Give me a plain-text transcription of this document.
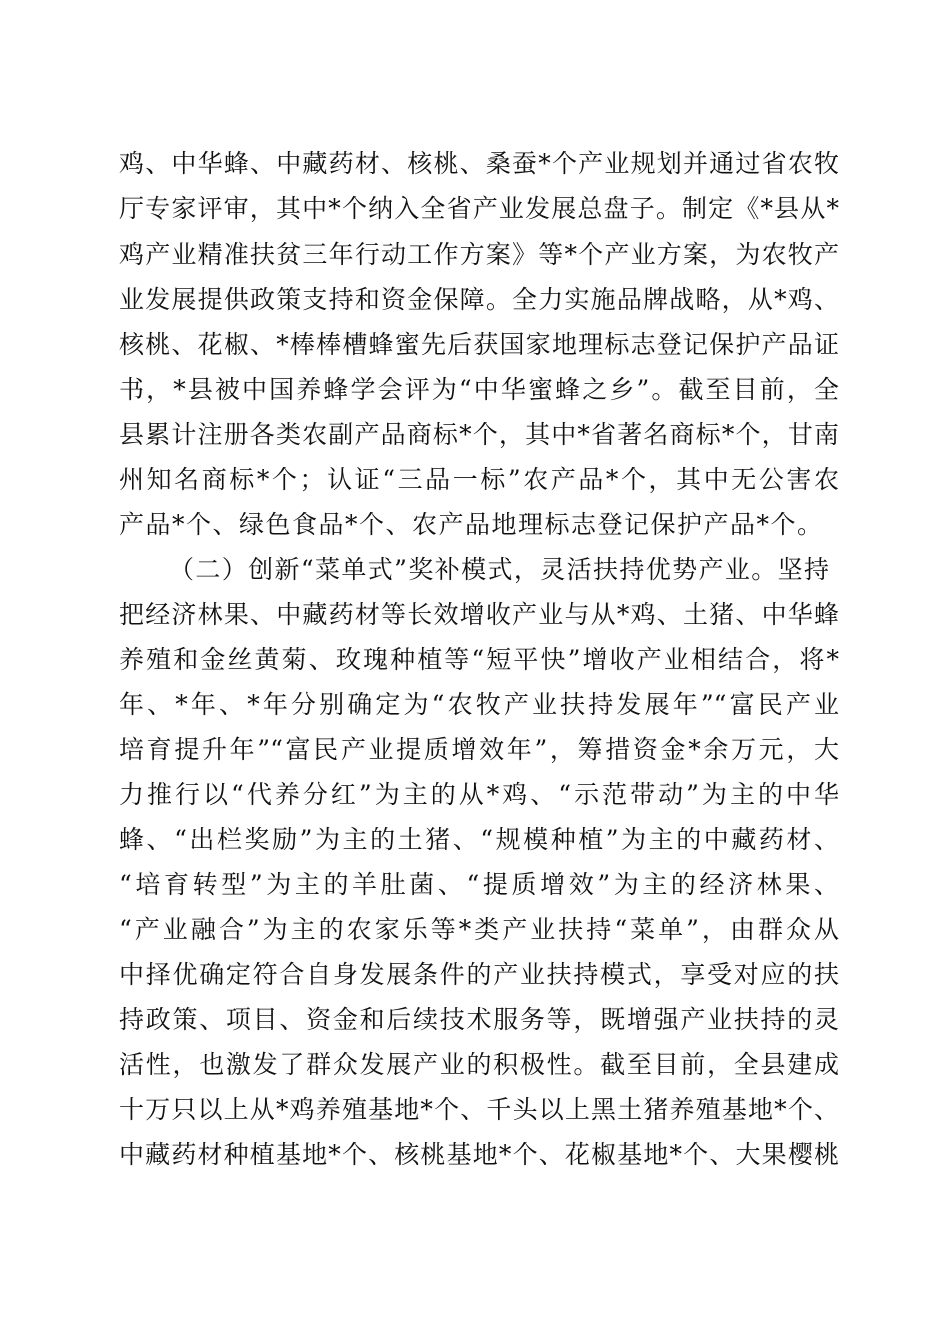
鸡、中华蜂、中藏药材、核桃、桑蚕*个产业规划并通过省农牧
厅专家评审，其中*个纳入全省产业发展总盘子。制定《*县从*
鸡产业精准扶贫三年行动工作方案》等*个产业方案，为农牧产
业发展提供政策支持和资金保障。全力实施品牌战略，从*鸡、
核桃、花椒、*棒棒槽蜂蜜先后获国家地理标志登记保护产品证
书，*县被中国养蜂学会评为“中华蜜蜂之乡”。截至目前，全
县累计注册各类农副产品商标*个，其中*省著名商标*个，甘南
州知名商标*个；认证“三品一标”农产品*个，其中无公害农
产品*个、绿色食品*个、农产品地理标志登记保护产品*个。
（二）创新“菜单式”奖补模式，灵活扶持优势产业。坚持
把经济林果、中藏药材等长效增收产业与从*鸡、土猪、中华蜂
养殖和金丝黄菊、玫瑰种植等“短平快”增收产业相结合，将*
年、*年、*年分别确定为“农牧产业扶持发展年”“富民产业
培育提升年”“富民产业提质增效年”，筹措资金*余万元，大
力推行以“代养分红”为主的从*鸡、“示范带动”为主的中华
蜂、“出栏奖励”为主的土猪、“规模种植”为主的中藏药材、
“培育转型”为主的羊肚菌、“提质增效”为主的经济林果、
“产业融合”为主的农家乐等*类产业扶持“菜单”，由群众从
中择优确定符合自身发展条件的产业扶持模式，享受对应的扶
持政策、项目、资金和后续技术服务等，既增强产业扶持的灵
活性，也激发了群众发展产业的积极性。截至目前，全县建成
十万只以上从*鸡养殖基地*个、千头以上黑土猪养殖基地*个、
中藏药材种植基地*个、核桃基地*个、花椒基地*个、大果樱桃
